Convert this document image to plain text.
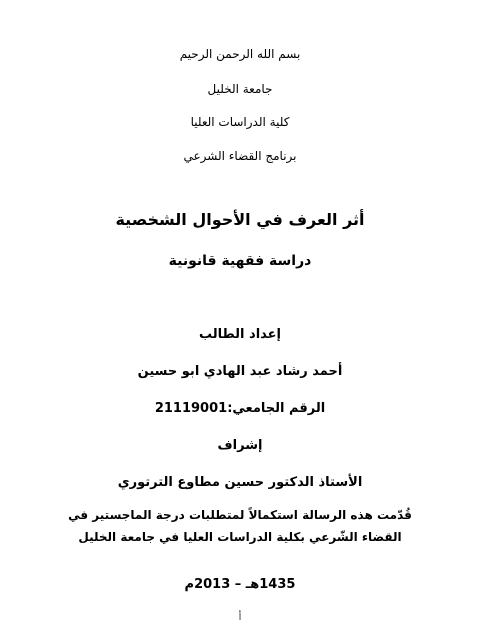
بسم الله الرحمن الرحيم
جامعة الخليل
كلية الدراسات العليا
برنامج القضاء الشرعي
أثر العرف في الأحوال الشخصية
دراسة فقهية قانونية
إعداد الطالب
أحمد رشاد عبد الهادي ابو حسين
الرقم الجامعي:21119001
إشراف
الأستاذ الدكتور حسين مطاوع الترتوري
قُدّمت هذه الرسالة استكمالاً لمتطلبات درجة الماجستير في القضاء الشّرعي بكلية الدراسات العليا في جامعة الخليل
1435هـ – 2013م
أ
